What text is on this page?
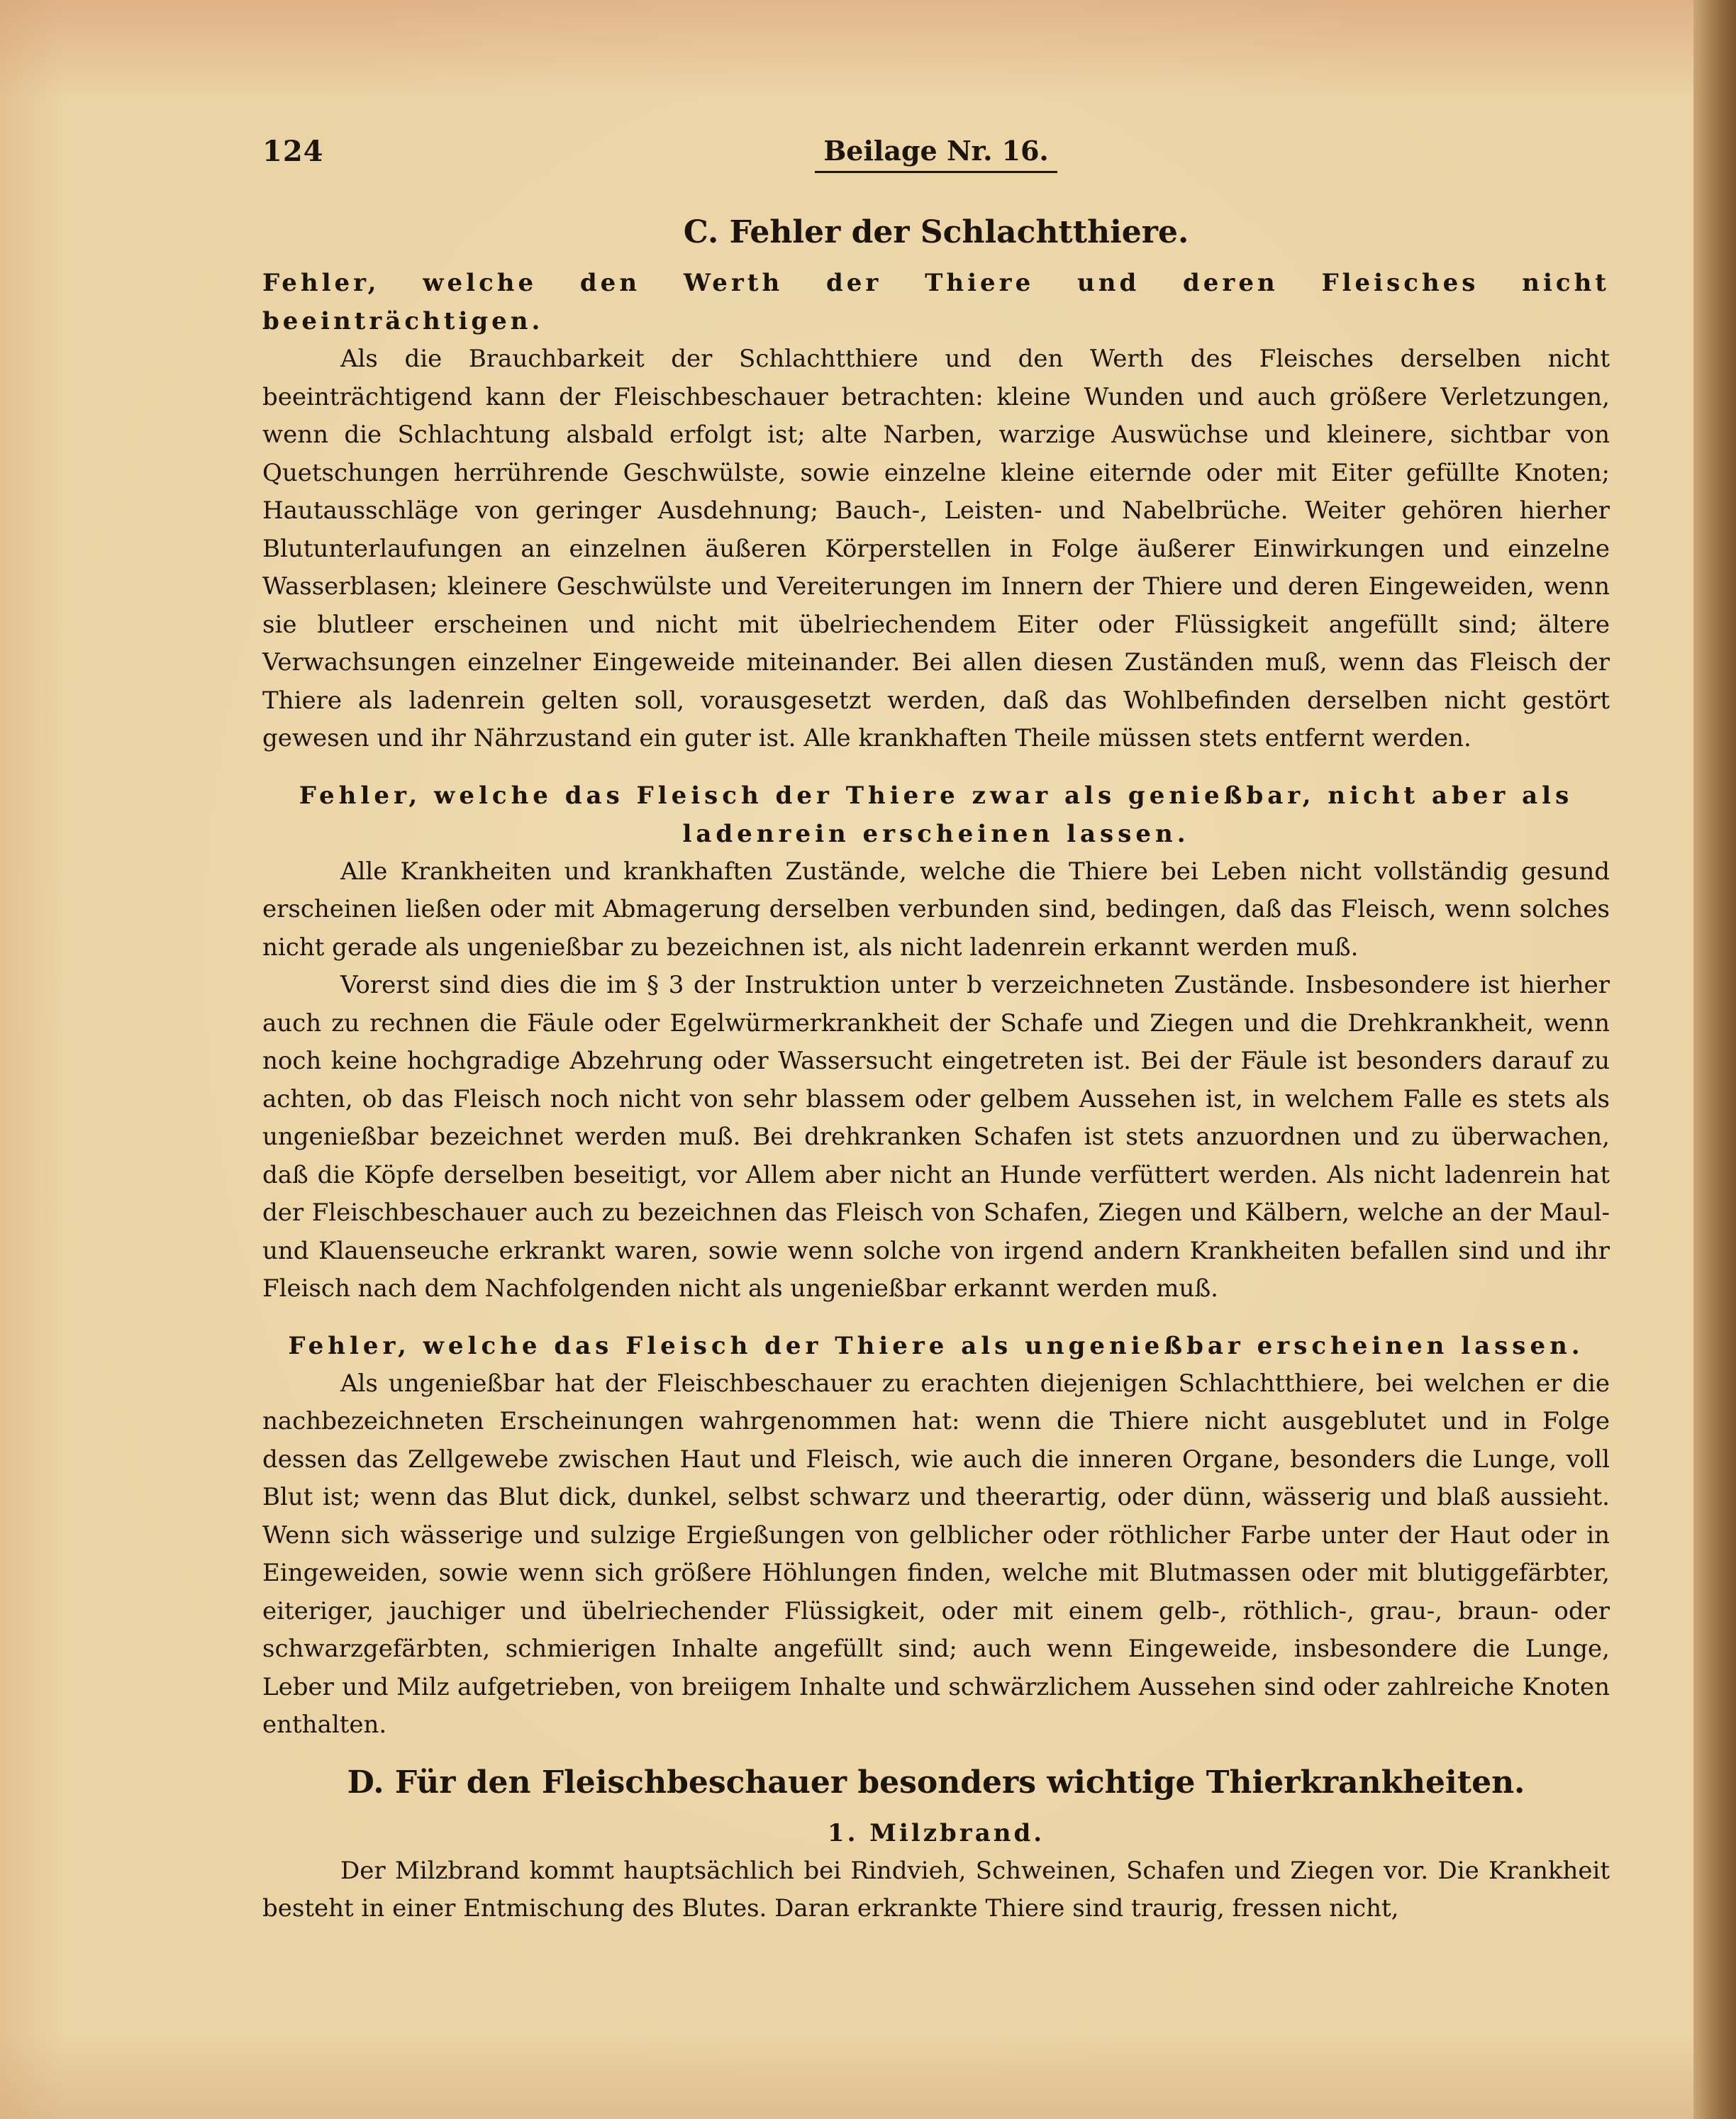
124	Beilage Nr. 16.
C. Fehler der Schlachtthiere.
Fehler, welche den Werth der Thiere und deren Fleisches nicht beeinträchtigen.

Als die Brauchbarkeit der Schlachtthiere und den Werth des Fleisches derselben nicht beeinträchtigend kann der Fleischbeschauer betrachten: kleine Wunden und auch größere Verletzungen, wenn die Schlachtung alsbald erfolgt ist; alte Narben, warzige Auswüchse und kleinere, sichtbar von Quetschungen herrührende Geschwülste, sowie einzelne kleine eiternde oder mit Eiter gefüllte Knoten; Hautausschläge von geringer Ausdehnung; Bauch-, Leisten- und Nabelbrüche. Weiter gehören hierher Blutunterlaufungen an einzelnen äußeren Körperstellen in Folge äußerer Einwirkungen und einzelne Wasserblasen; kleinere Geschwülste und Vereiterungen im Innern der Thiere und deren Eingeweiden, wenn sie blutleer erscheinen und nicht mit übelriechendem Eiter oder Flüssigkeit angefüllt sind; ältere Verwachsungen einzelner Eingeweide miteinander. Bei allen diesen Zuständen muß, wenn das Fleisch der Thiere als ladenrein gelten soll, vorausgesetzt werden, daß das Wohlbefinden derselben nicht gestört gewesen und ihr Nährzustand ein guter ist. Alle krankhaften Theile müssen stets entfernt werden.

Fehler, welche das Fleisch der Thiere zwar als genießbar, nicht aber als
ladenrein erscheinen lassen.

Alle Krankheiten und krankhaften Zustände, welche die Thiere bei Leben nicht vollständig gesund erscheinen ließen oder mit Abmagerung derselben verbunden sind, bedingen, daß das Fleisch, wenn solches nicht gerade als ungenießbar zu bezeichnen ist, als nicht ladenrein erkannt werden muß.

Vorerst sind dies die im § 3 der Instruktion unter b verzeichneten Zustände. Insbesondere ist hierher auch zu rechnen die Fäule oder Egelwürmerkrankheit der Schafe und Ziegen und die Drehkrankheit, wenn noch keine hochgradige Abzehrung oder Wassersucht eingetreten ist. Bei der Fäule ist besonders darauf zu achten, ob das Fleisch noch nicht von sehr blassem oder gelbem Aussehen ist, in welchem Falle es stets als ungenießbar bezeichnet werden muß. Bei drehkranken Schafen ist stets anzuordnen und zu überwachen, daß die Köpfe derselben beseitigt, vor Allem aber nicht an Hunde verfüttert werden. Als nicht ladenrein hat der Fleischbeschauer auch zu bezeichnen das Fleisch von Schafen, Ziegen und Kälbern, welche an der Maul- und Klauenseuche erkrankt waren, sowie wenn solche von irgend andern Krankheiten befallen sind und ihr Fleisch nach dem Nachfolgenden nicht als ungenießbar erkannt werden muß.

Fehler, welche das Fleisch der Thiere als ungenießbar erscheinen lassen.

Als ungenießbar hat der Fleischbeschauer zu erachten diejenigen Schlachtthiere, bei welchen er die nachbezeichneten Erscheinungen wahrgenommen hat: wenn die Thiere nicht ausgeblutet und in Folge dessen das Zellgewebe zwischen Haut und Fleisch, wie auch die inneren Organe, besonders die Lunge, voll Blut ist; wenn das Blut dick, dunkel, selbst schwarz und theerartig, oder dünn, wässerig und blaß aussieht. Wenn sich wässerige und sulzige Ergießungen von gelblicher oder röthlicher Farbe unter der Haut oder in Eingeweiden, sowie wenn sich größere Höhlungen finden, welche mit Blutmassen oder mit blutiggefärbter, eiteriger, jauchiger und übelriechender Flüssigkeit, oder mit einem gelb-, röthlich-, grau-, braun- oder schwarzgefärbten, schmierigen Inhalte angefüllt sind; auch wenn Eingeweide, insbesondere die Lunge, Leber und Milz aufgetrieben, von breiigem Inhalte und schwärzlichem Aussehen sind oder zahlreiche Knoten enthalten.

D. Für den Fleischbeschauer besonders wichtige Thierkrankheiten.
1. Milzbrand.

Der Milzbrand kommt hauptsächlich bei Rindvieh, Schweinen, Schafen und Ziegen vor. Die Krankheit besteht in einer Entmischung des Blutes. Daran erkrankte Thiere sind traurig, fressen nicht,
